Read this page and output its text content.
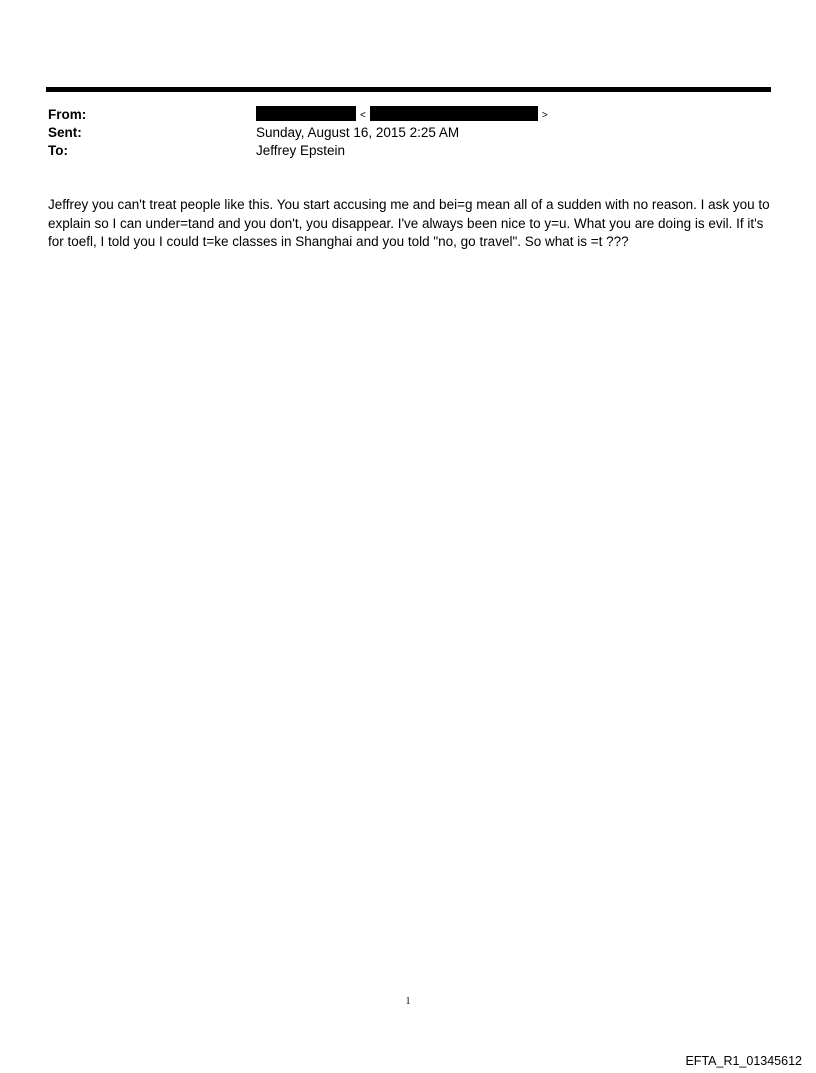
From:	<	>
Sent:	Sunday, August 16, 2015 2:25 AM
To:	Jeffrey Epstein

Jeffrey you can't treat people like this. You start accusing me and bei=g mean all of a sudden with no reason. I ask you to explain so I can under=tand and you don't, you disappear. I've always been nice to y=u. What you are doing is evil. If it's for toefl, I told you I could t=ke classes in Shanghai and you told "no, go travel". So what is =t ???

1
EFTA_R1_01345612
